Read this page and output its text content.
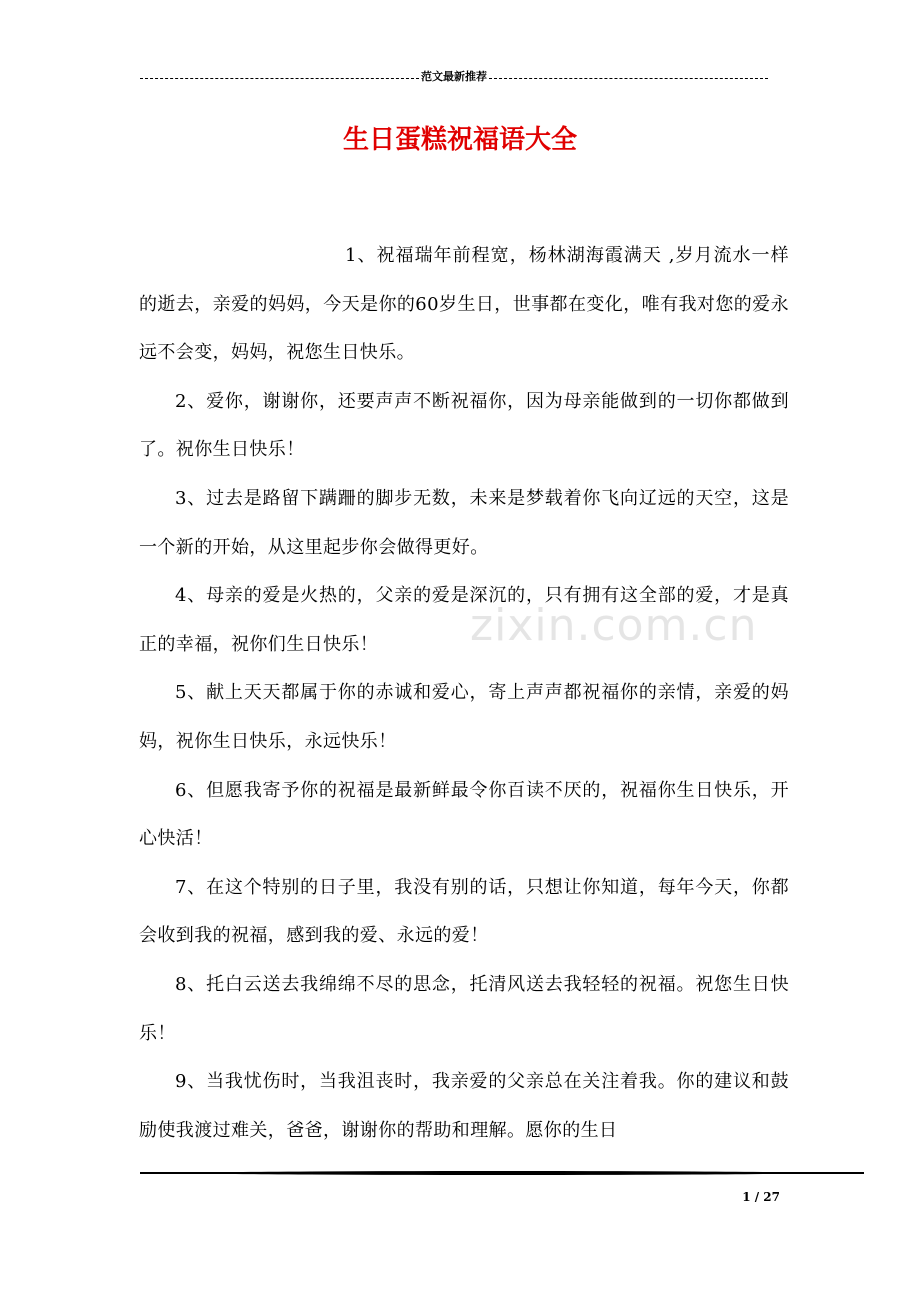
范文最新推荐
生日蛋糕祝福语大全

1、祝福瑞年前程宽，杨林湖海霞满天 ,岁月流水一样的逝去，亲爱的妈妈，今天是你的60岁生日，世事都在变化，唯有我对您的爱永远不会变，妈妈，祝您生日快乐。

2、爱你，谢谢你，还要声声不断祝福你，因为母亲能做到的一切你都做到了。祝你生日快乐！

3、过去是路留下蹒跚的脚步无数，未来是梦载着你飞向辽远的天空，这是一个新的开始，从这里起步你会做得更好。

4、母亲的爱是火热的，父亲的爱是深沉的，只有拥有这全部的爱，才是真正的幸福，祝你们生日快乐！

5、献上天天都属于你的赤诚和爱心，寄上声声都祝福你的亲情，亲爱的妈妈，祝你生日快乐，永远快乐！

6、但愿我寄予你的祝福是最新鲜最令你百读不厌的，祝福你生日快乐，开心快活！

7、在这个特别的日子里，我没有别的话，只想让你知道，每年今天，你都会收到我的祝福，感到我的爱、永远的爱！

8、托白云送去我绵绵不尽的思念，托清风送去我轻轻的祝福。祝您生日快乐！

9、当我忧伤时，当我沮丧时，我亲爱的父亲总在关注着我。你的建议和鼓励使我渡过难关，爸爸，谢谢你的帮助和理解。愿你的生日

zixin.com.cn
1 / 27
